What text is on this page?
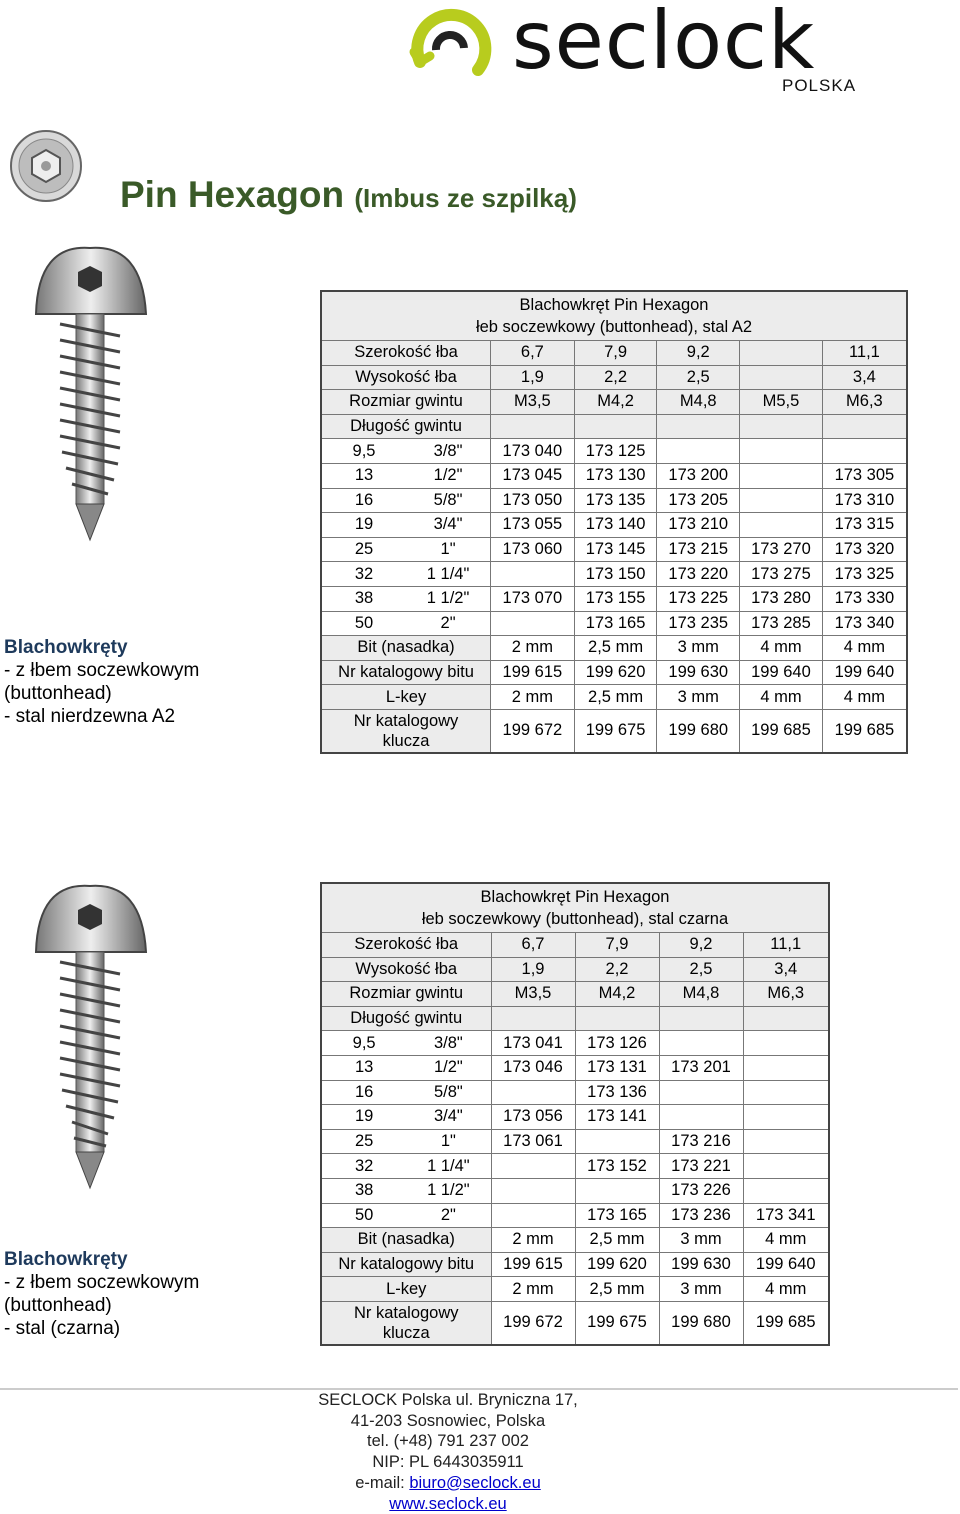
seclock
POLSKA
Pin Hexagon (Imbus ze szpilką)
Blachowkręty
- z łbem soczewkowym
(buttonhead)
- stal nierdzewna A2
Blachowkręty
- z łbem soczewkowym
(buttonhead)
- stal (czarna)
Blachowkręt Pin Hexagon
łeb soczewkowy (buttonhead), stal A2					

Szerokość łba	6,7	7,9	9,2		11,1
Wysokość łba	1,9	2,2	2,5		3,4
Rozmiar gwintu	M3,5	M4,2	M4,8	M5,5	M6,3
Długość gwintu					

9,5 3/8"	173 040	173 125			

13 1/2"	173 045	173 130	173 200		173 305

16 5/8"	173 050	173 135	173 205		173 310

19 3/4"	173 055	173 140	173 210		173 315

25 1"	173 060	173 145	173 215	173 270	173 320

32 1 1/4"		173 150	173 220	173 275	173 325

38 1 1/2"	173 070	173 155	173 225	173 280	173 330

50 2"		173 165	173 235	173 285	173 340
Bit (nasadka)	2 mm	2,5 mm	3 mm	4 mm	4 mm
Nr katalogowy bitu	199 615	199 620	199 630	199 640	199 640
L-key	2 mm	2,5 mm	3 mm	4 mm	4 mm
Nr katalogowy klucza	199 672	199 675	199 680	199 685	199 685
Blachowkręt Pin Hexagon
łeb soczewkowy (buttonhead), stal czarna				

Szerokość łba	6,7	7,9	9,2	11,1
Wysokość łba	1,9	2,2	2,5	3,4
Rozmiar gwintu	M3,5	M4,2	M4,8	M6,3
Długość gwintu				

9,5 3/8"	173 041	173 126		

13 1/2"	173 046	173 131	173 201	

16 5/8"		173 136		

19 3/4"	173 056	173 141		

25 1"	173 061		173 216	

32 1 1/4"		173 152	173 221	

38 1 1/2"			173 226	

50 2"		173 165	173 236	173 341
Bit (nasadka)	2 mm	2,5 mm	3 mm	4 mm
Nr katalogowy bitu	199 615	199 620	199 630	199 640
L-key	2 mm	2,5 mm	3 mm	4 mm
Nr katalogowy klucza	199 672	199 675	199 680	199 685
SECLOCK Polska ul. Bryniczna 17,
41-203 Sosnowiec, Polska
tel. (+48) 791 237 002
NIP: PL 6443035911
e-mail: biuro@seclock.eu
www.seclock.eu
